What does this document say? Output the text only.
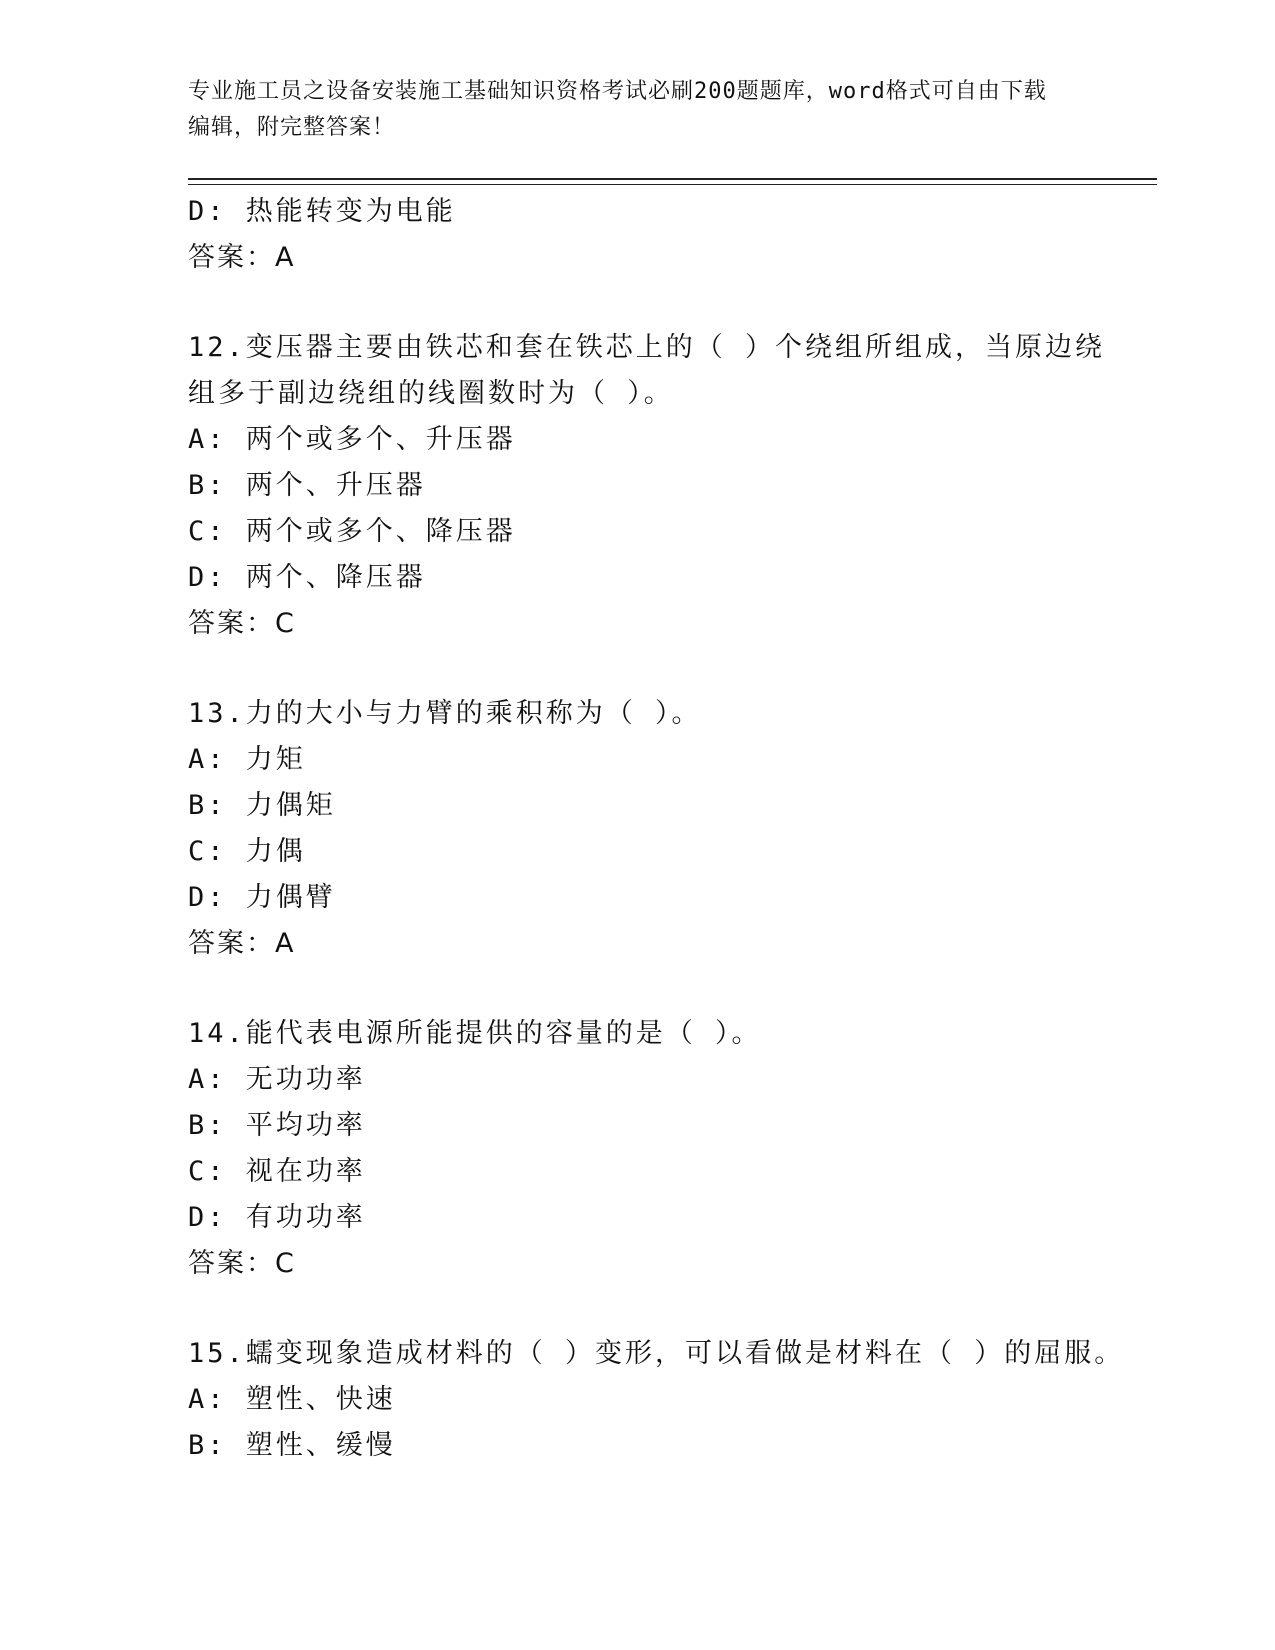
专业施工员之设备安装施工基础知识资格考试必刷200题题库，word格式可自由下载编辑，附完整答案！
D: 热能转变为电能
答案：A
12.变压器主要由铁芯和套在铁芯上的（ ）个绕组所组成，当原边绕
组多于副边绕组的线圈数时为（ ）。
A: 两个或多个、升压器
B: 两个、升压器
C: 两个或多个、降压器
D: 两个、降压器
答案：C
13.力的大小与力臂的乘积称为（ ）。
A: 力矩
B: 力偶矩
C: 力偶
D: 力偶臂
答案：A
14.能代表电源所能提供的容量的是（ ）。
A: 无功功率
B: 平均功率
C: 视在功率
D: 有功功率
答案：C
15.蠕变现象造成材料的（ ）变形，可以看做是材料在（ ）的屈服。
A: 塑性、快速
B: 塑性、缓慢
